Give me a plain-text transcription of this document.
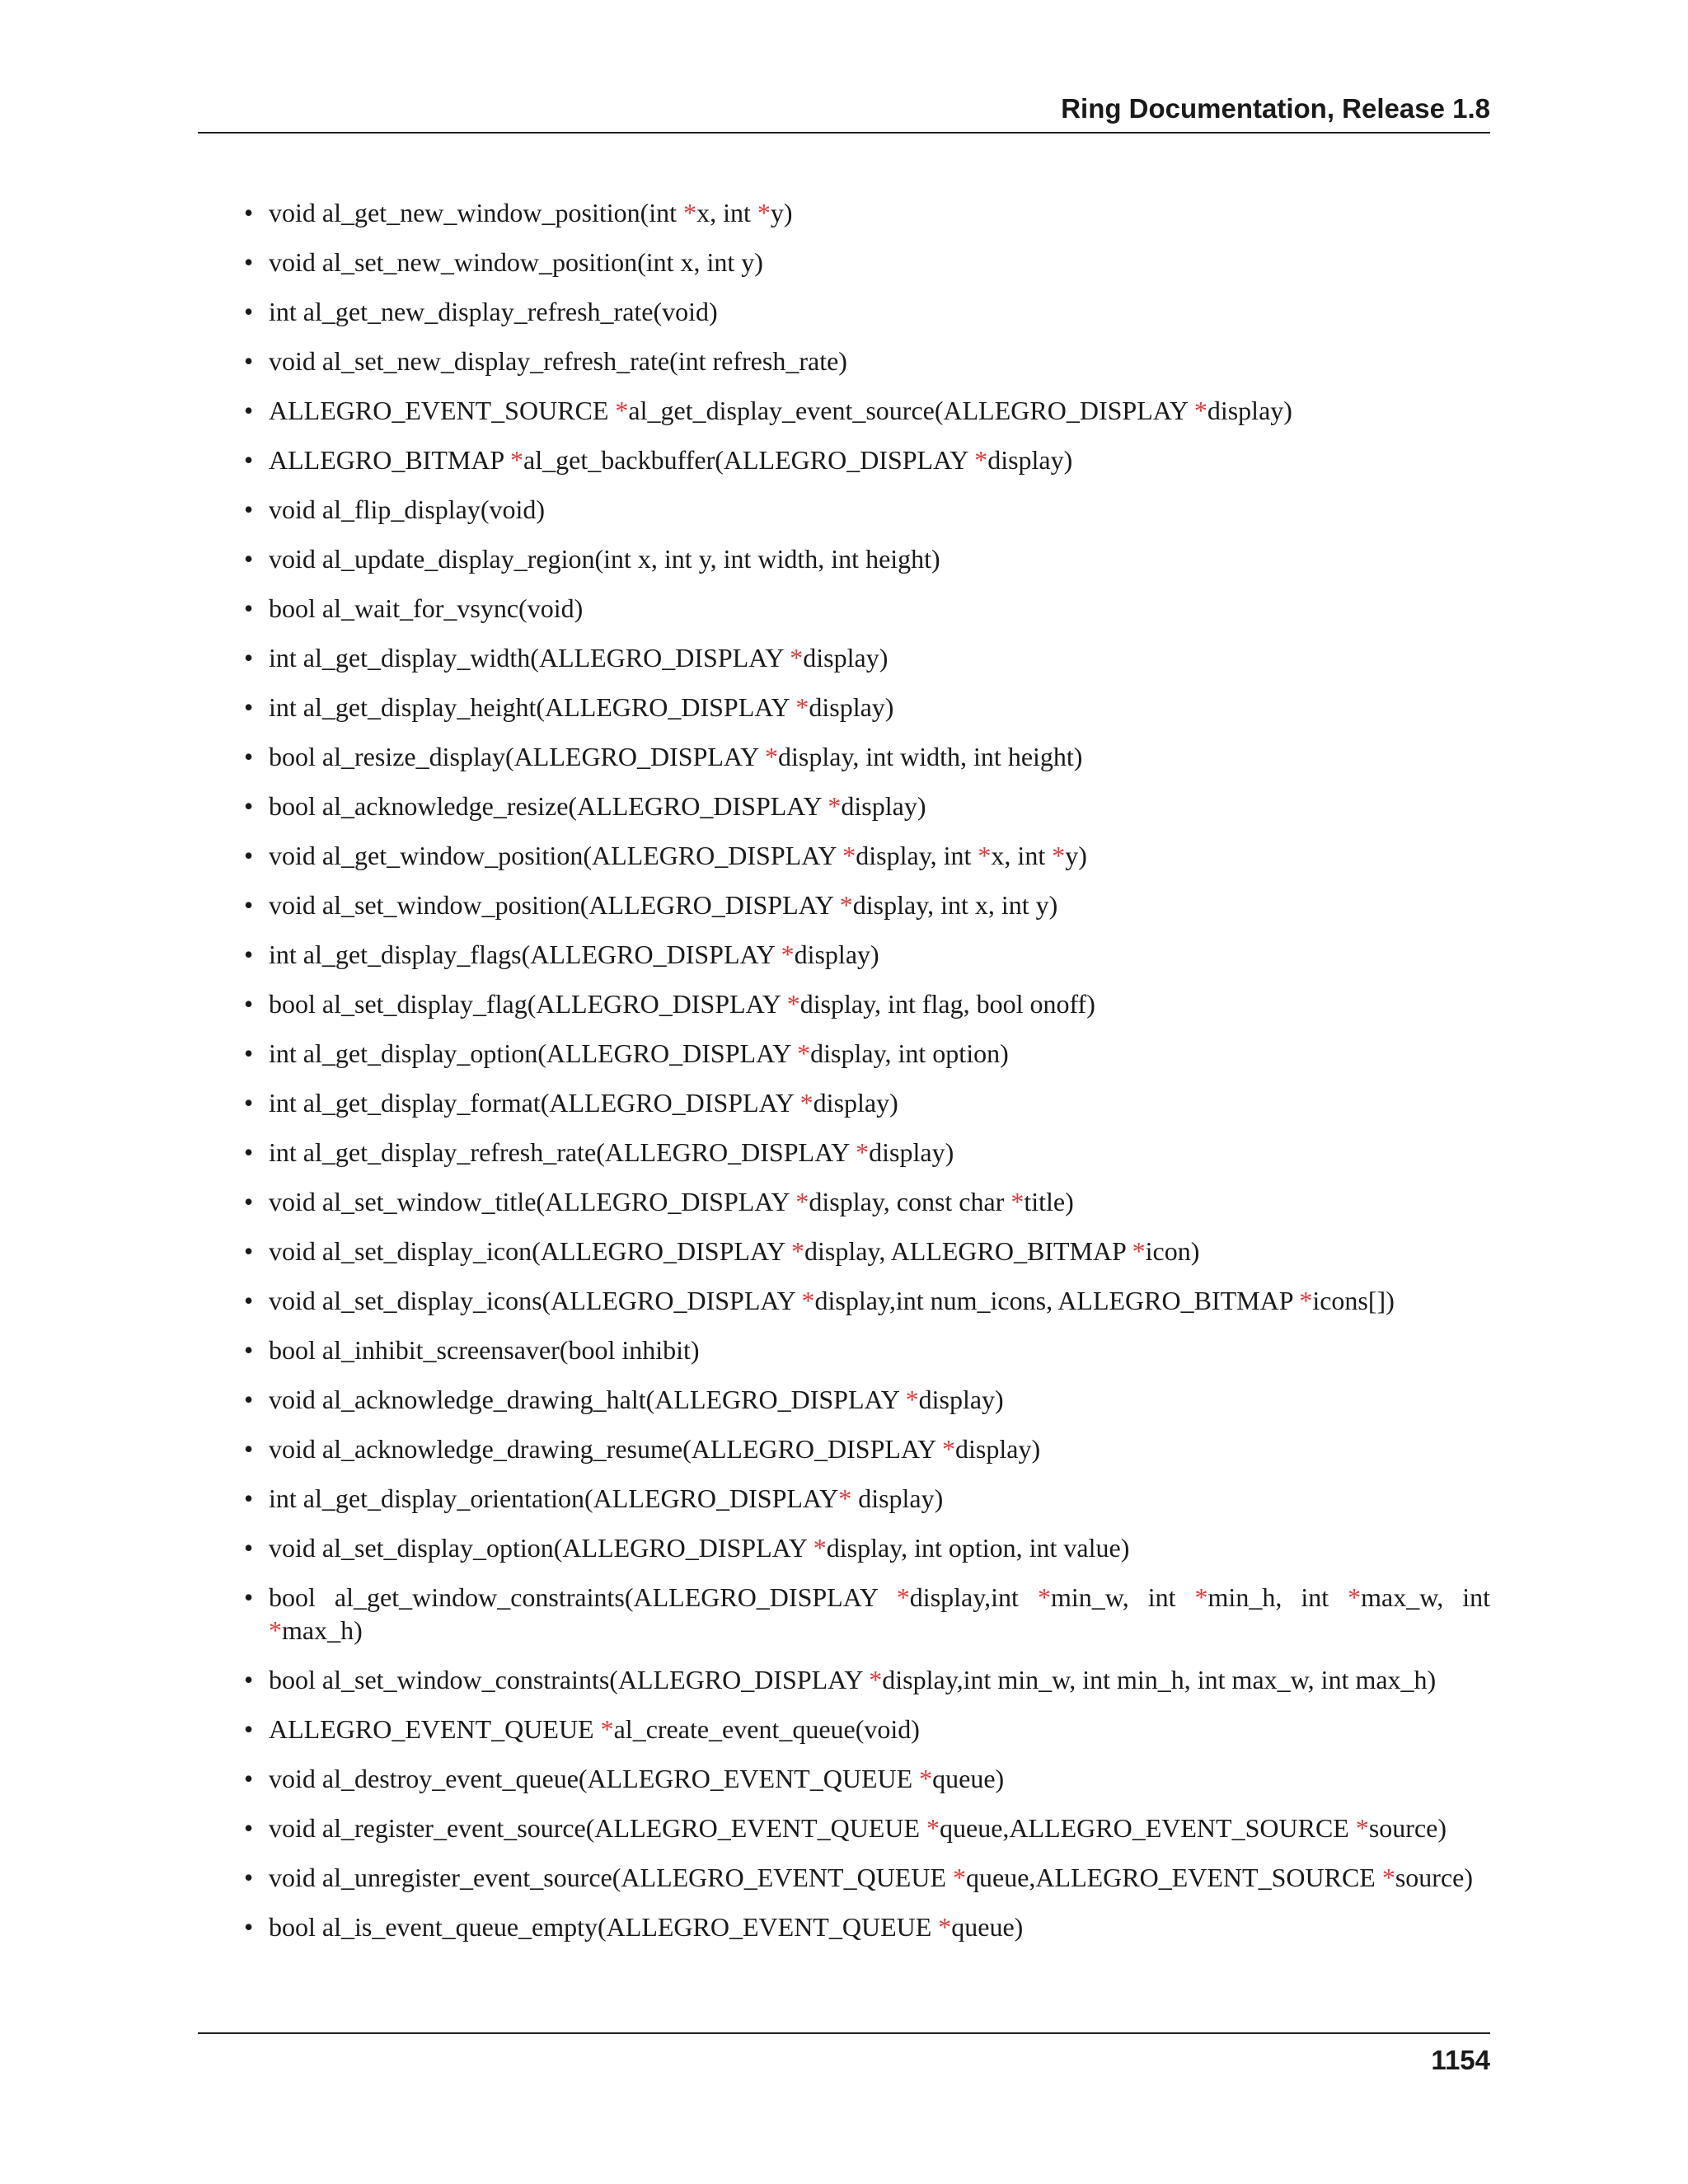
Ring Documentation, Release 1.8
• void al_get_new_window_position(int *x, int *y)
• void al_set_new_window_position(int x, int y)
• int al_get_new_display_refresh_rate(void)
• void al_set_new_display_refresh_rate(int refresh_rate)
• ALLEGRO_EVENT_SOURCE *al_get_display_event_source(ALLEGRO_DISPLAY *display)
• ALLEGRO_BITMAP *al_get_backbuffer(ALLEGRO_DISPLAY *display)
• void al_flip_display(void)
• void al_update_display_region(int x, int y, int width, int height)
• bool al_wait_for_vsync(void)
• int al_get_display_width(ALLEGRO_DISPLAY *display)
• int al_get_display_height(ALLEGRO_DISPLAY *display)
• bool al_resize_display(ALLEGRO_DISPLAY *display, int width, int height)
• bool al_acknowledge_resize(ALLEGRO_DISPLAY *display)
• void al_get_window_position(ALLEGRO_DISPLAY *display, int *x, int *y)
• void al_set_window_position(ALLEGRO_DISPLAY *display, int x, int y)
• int al_get_display_flags(ALLEGRO_DISPLAY *display)
• bool al_set_display_flag(ALLEGRO_DISPLAY *display, int flag, bool onoff)
• int al_get_display_option(ALLEGRO_DISPLAY *display, int option)
• int al_get_display_format(ALLEGRO_DISPLAY *display)
• int al_get_display_refresh_rate(ALLEGRO_DISPLAY *display)
• void al_set_window_title(ALLEGRO_DISPLAY *display, const char *title)
• void al_set_display_icon(ALLEGRO_DISPLAY *display, ALLEGRO_BITMAP *icon)
• void al_set_display_icons(ALLEGRO_DISPLAY *display,int num_icons, ALLEGRO_BITMAP *icons[])
• bool al_inhibit_screensaver(bool inhibit)
• void al_acknowledge_drawing_halt(ALLEGRO_DISPLAY *display)
• void al_acknowledge_drawing_resume(ALLEGRO_DISPLAY *display)
• int al_get_display_orientation(ALLEGRO_DISPLAY* display)
• void al_set_display_option(ALLEGRO_DISPLAY *display, int option, int value)
• bool al_get_window_constraints(ALLEGRO_DISPLAY *display,int *min_w, int *min_h, int *max_w, int *max_h)
• bool al_set_window_constraints(ALLEGRO_DISPLAY *display,int min_w, int min_h, int max_w, int max_h)
• ALLEGRO_EVENT_QUEUE *al_create_event_queue(void)
• void al_destroy_event_queue(ALLEGRO_EVENT_QUEUE *queue)
• void al_register_event_source(ALLEGRO_EVENT_QUEUE *queue,ALLEGRO_EVENT_SOURCE *source)
• void al_unregister_event_source(ALLEGRO_EVENT_QUEUE *queue,ALLEGRO_EVENT_SOURCE *source)
• bool al_is_event_queue_empty(ALLEGRO_EVENT_QUEUE *queue)
1154
